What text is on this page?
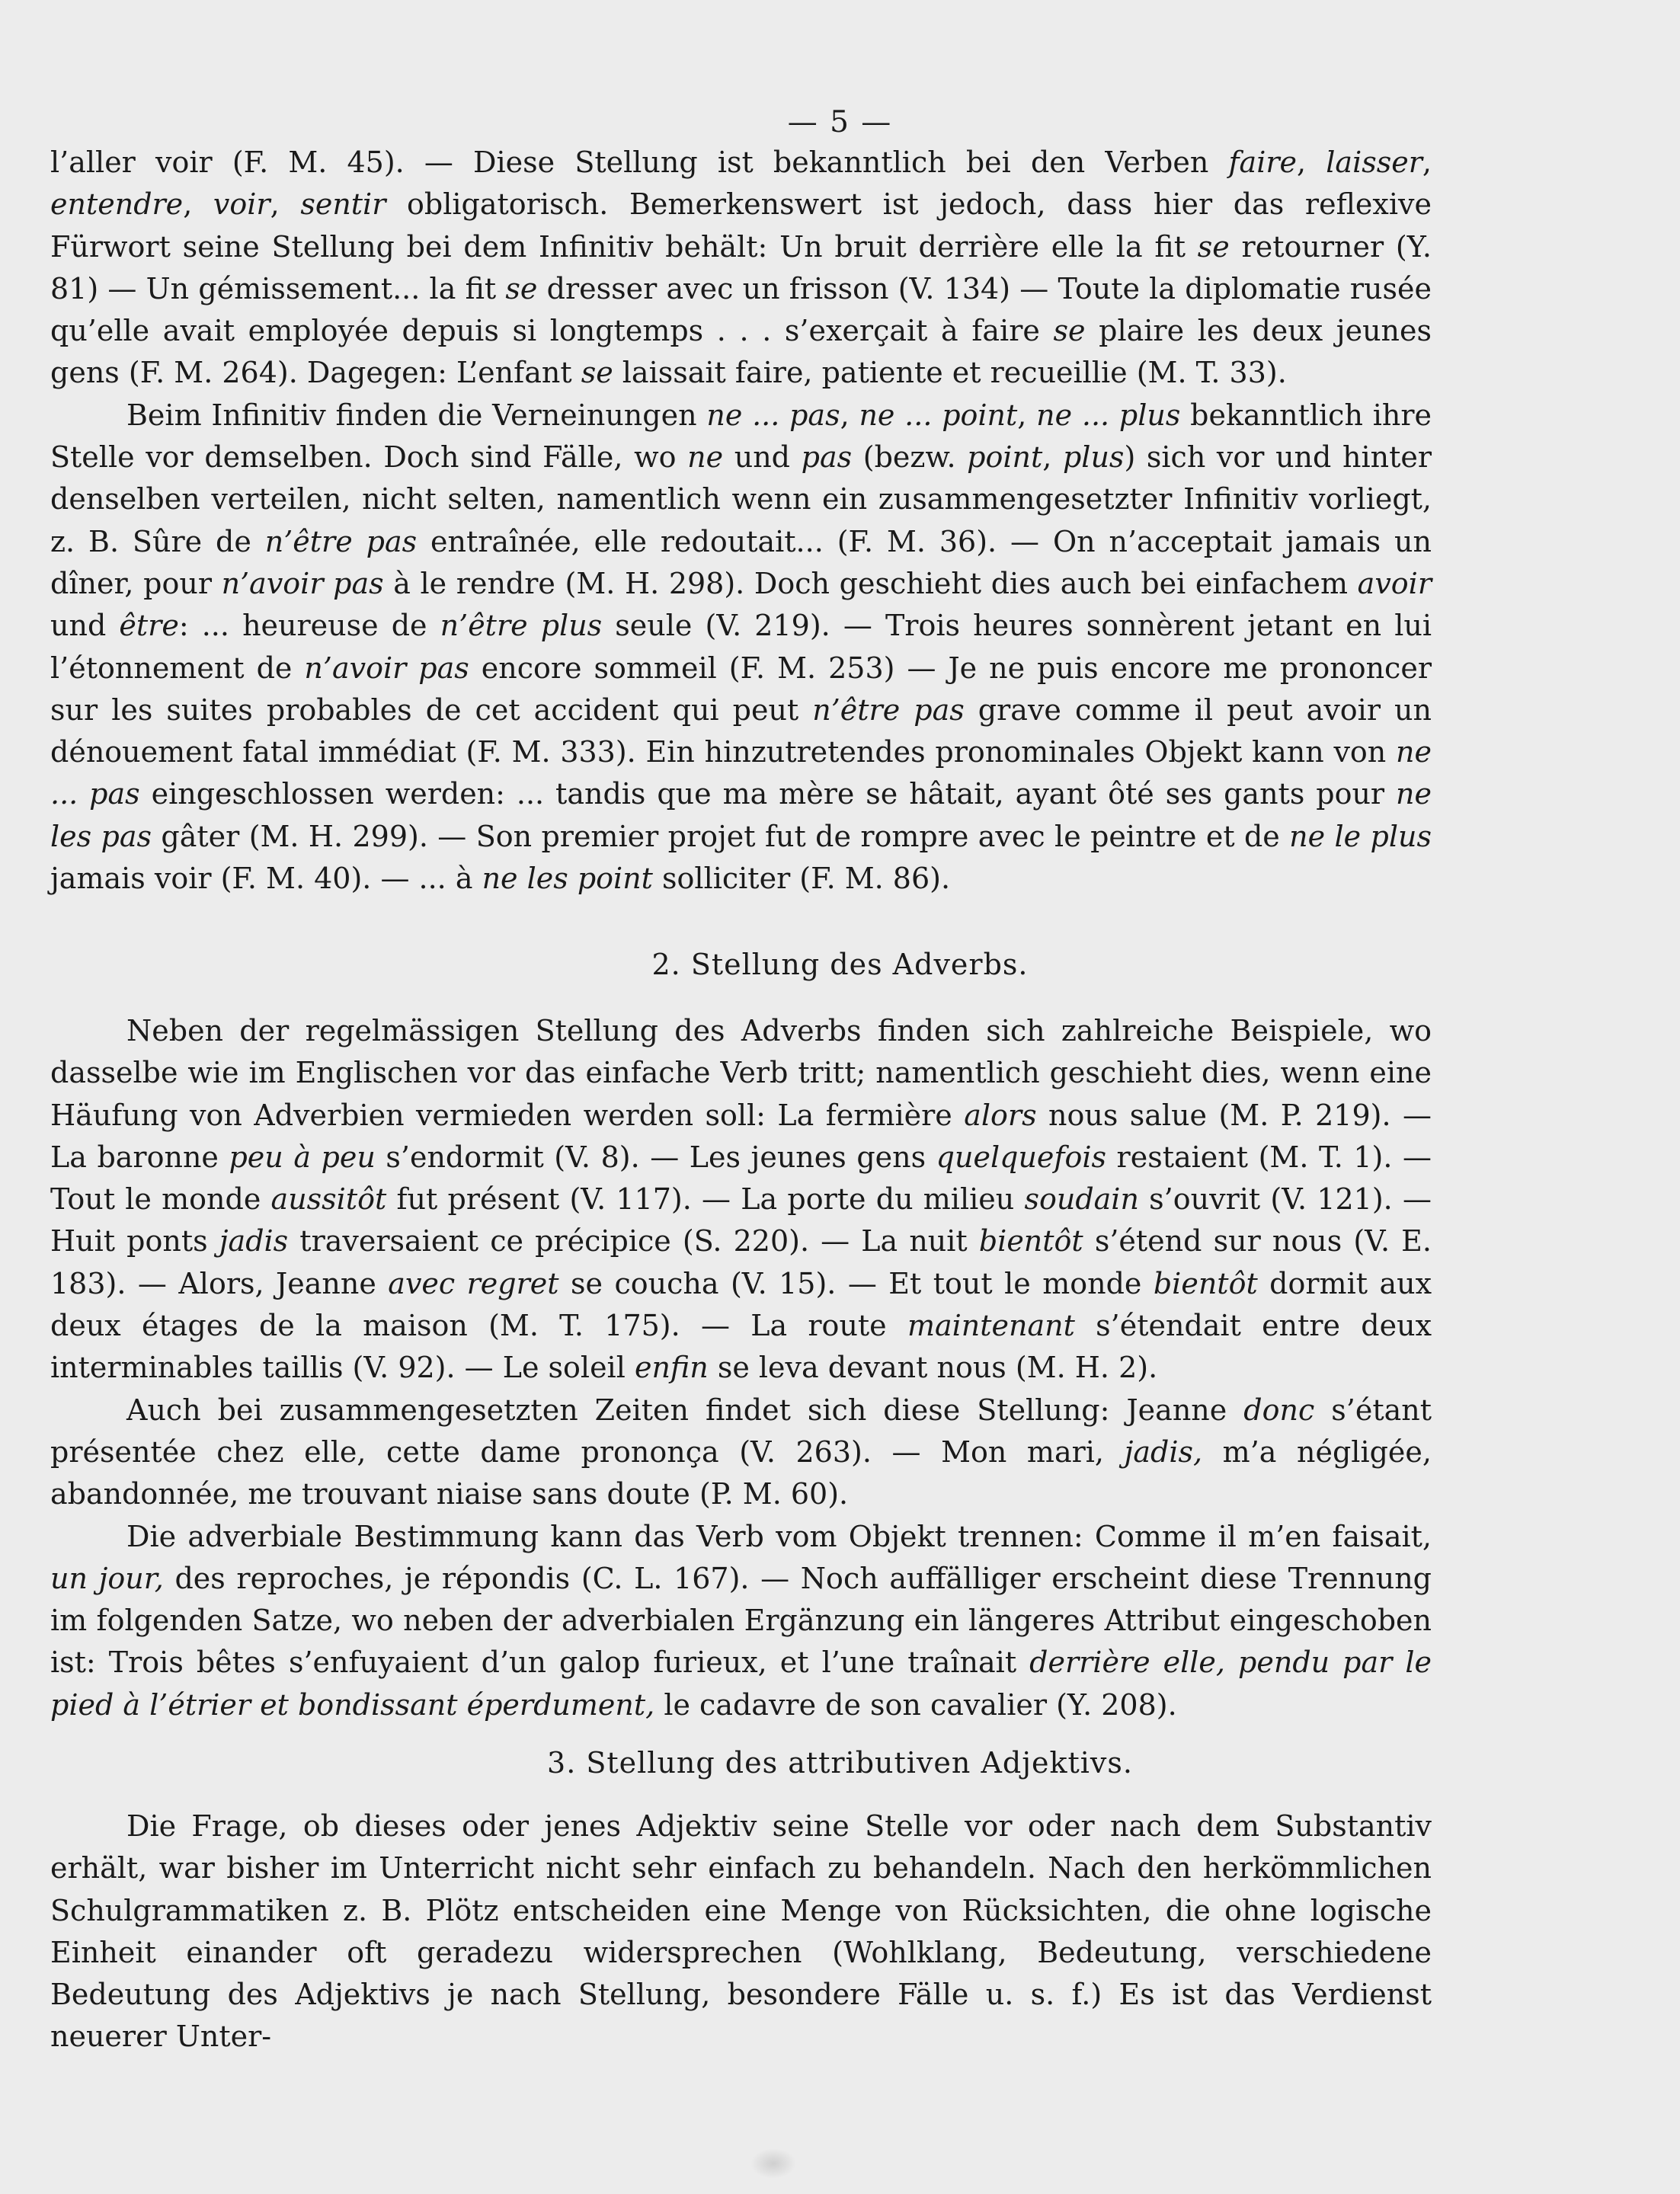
— 5 —

l’aller voir (F. M. 45). — Diese Stellung ist bekanntlich bei den Verben faire, laisser, entendre, voir, sentir obligatorisch. Bemerkenswert ist jedoch, dass hier das reflexive Fürwort seine Stellung bei dem Infinitiv behält: Un bruit derrière elle la fit se retourner (Y. 81) — Un gémissement... la fit se dresser avec un frisson (V. 134) — Toute la diplomatie rusée qu’elle avait employée depuis si longtemps . . . s’exerçait à faire se plaire les deux jeunes gens (F. M. 264). Dagegen: L’enfant se laissait faire, patiente et recueillie (M. T. 33).

Beim Infinitiv finden die Verneinungen ne ... pas, ne ... point, ne ... plus bekanntlich ihre Stelle vor demselben. Doch sind Fälle, wo ne und pas (bezw. point, plus) sich vor und hinter denselben verteilen, nicht selten, namentlich wenn ein zusammengesetzter Infinitiv vorliegt, z. B. Sûre de n’être pas entraînée, elle redoutait... (F. M. 36). — On n’acceptait jamais un dîner, pour n’avoir pas à le rendre (M. H. 298). Doch geschieht dies auch bei einfachem avoir und être: ... heureuse de n’être plus seule (V. 219). — Trois heures sonnèrent jetant en lui l’étonnement de n’avoir pas encore sommeil (F. M. 253) — Je ne puis encore me prononcer sur les suites probables de cet accident qui peut n’être pas grave comme il peut avoir un dénouement fatal immédiat (F. M. 333). Ein hinzutretendes pronominales Objekt kann von ne ... pas eingeschlossen werden: ... tandis que ma mère se hâtait, ayant ôté ses gants pour ne les pas gâter (M. H. 299). — Son premier projet fut de rompre avec le peintre et de ne le plus jamais voir (F. M. 40). — ... à ne les point solliciter (F. M. 86).

2. Stellung des Adverbs.

Neben der regelmässigen Stellung des Adverbs finden sich zahlreiche Beispiele, wo dasselbe wie im Englischen vor das einfache Verb tritt; namentlich geschieht dies, wenn eine Häufung von Adverbien vermieden werden soll: La fermière alors nous salue (M. P. 219). — La baronne peu à peu s’endormit (V. 8). — Les jeunes gens quelquefois restaient (M. T. 1). — Tout le monde aussitôt fut présent (V. 117). — La porte du milieu soudain s’ouvrit (V. 121). — Huit ponts jadis traversaient ce précipice (S. 220). — La nuit bientôt s’étend sur nous (V. E. 183). — Alors, Jeanne avec regret se coucha (V. 15). — Et tout le monde bientôt dormit aux deux étages de la maison (M. T. 175). — La route maintenant s’étendait entre deux interminables taillis (V. 92). — Le soleil enfin se leva devant nous (M. H. 2).

Auch bei zusammengesetzten Zeiten findet sich diese Stellung: Jeanne donc s’étant présentée chez elle, cette dame prononça (V. 263). — Mon mari, jadis, m’a négligée, abandonnée, me trouvant niaise sans doute (P. M. 60).

Die adverbiale Bestimmung kann das Verb vom Objekt trennen: Comme il m’en faisait, un jour, des reproches, je répondis (C. L. 167). — Noch auffälliger erscheint diese Trennung im folgenden Satze, wo neben der adverbialen Ergänzung ein längeres Attribut eingeschoben ist: Trois bêtes s’enfuyaient d’un galop furieux, et l’une traînait derrière elle, pendu par le pied à l’étrier et bondissant éperdument, le cadavre de son cavalier (Y. 208).

3. Stellung des attributiven Adjektivs.

Die Frage, ob dieses oder jenes Adjektiv seine Stelle vor oder nach dem Substantiv erhält, war bisher im Unterricht nicht sehr einfach zu behandeln. Nach den herkömmlichen Schulgrammatiken z. B. Plötz entscheiden eine Menge von Rücksichten, die ohne logische Einheit einander oft geradezu widersprechen (Wohlklang, Bedeutung, verschiedene Bedeutung des Adjektivs je nach Stellung, besondere Fälle u. s. f.) Es ist das Verdienst neuerer Unter-
